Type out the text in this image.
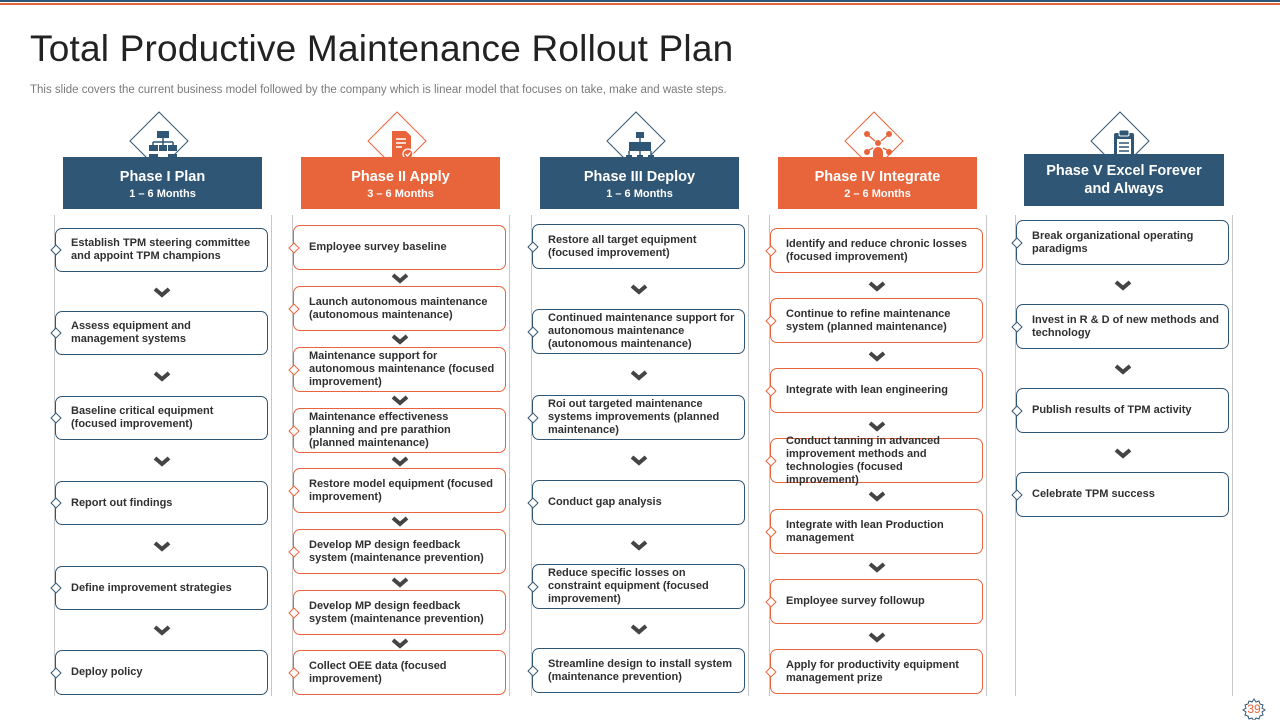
Total Productive Maintenance Rollout Plan
This slide covers the current business model followed by the company which is linear model that focuses on take, make and waste steps.
Phase I Plan
1 – 6 Months
Establish TPM steering committee and appoint TPM champions
Assess equipment and management systems
Baseline critical equipment (focused improvement)
Report out findings
Define improvement strategies
Deploy policy
Phase II Apply
3 – 6 Months
Employee survey baseline
Launch autonomous maintenance (autonomous maintenance)
Maintenance support for autonomous maintenance (focused improvement)
Maintenance effectiveness planning and pre parathion (planned maintenance)
Restore model equipment (focused improvement)
Develop MP design feedback system (maintenance prevention)
Develop MP design feedback system (maintenance prevention)
Collect OEE data (focused improvement)
Phase III Deploy
1 – 6 Months
Restore all target equipment (focused improvement)
Continued maintenance support for autonomous maintenance (autonomous maintenance)
Roi out targeted maintenance systems improvements (planned maintenance)
Conduct gap analysis
Reduce specific losses on constraint equipment (focused improvement)
Streamline design to install system (maintenance prevention)
Phase IV Integrate
2 – 6 Months
Identify and reduce chronic losses (focused improvement)
Continue to refine maintenance system (planned maintenance)
Integrate with lean engineering
Conduct tanning in advanced improvement methods and technologies (focused improvement)
Integrate with lean Production management
Employee survey followup
Apply for productivity equipment management prize
Phase V Excel Forever and Always
Break organizational operating paradigms
Invest in R & D of new methods and technology
Publish results of TPM activity
Celebrate TPM success
39
